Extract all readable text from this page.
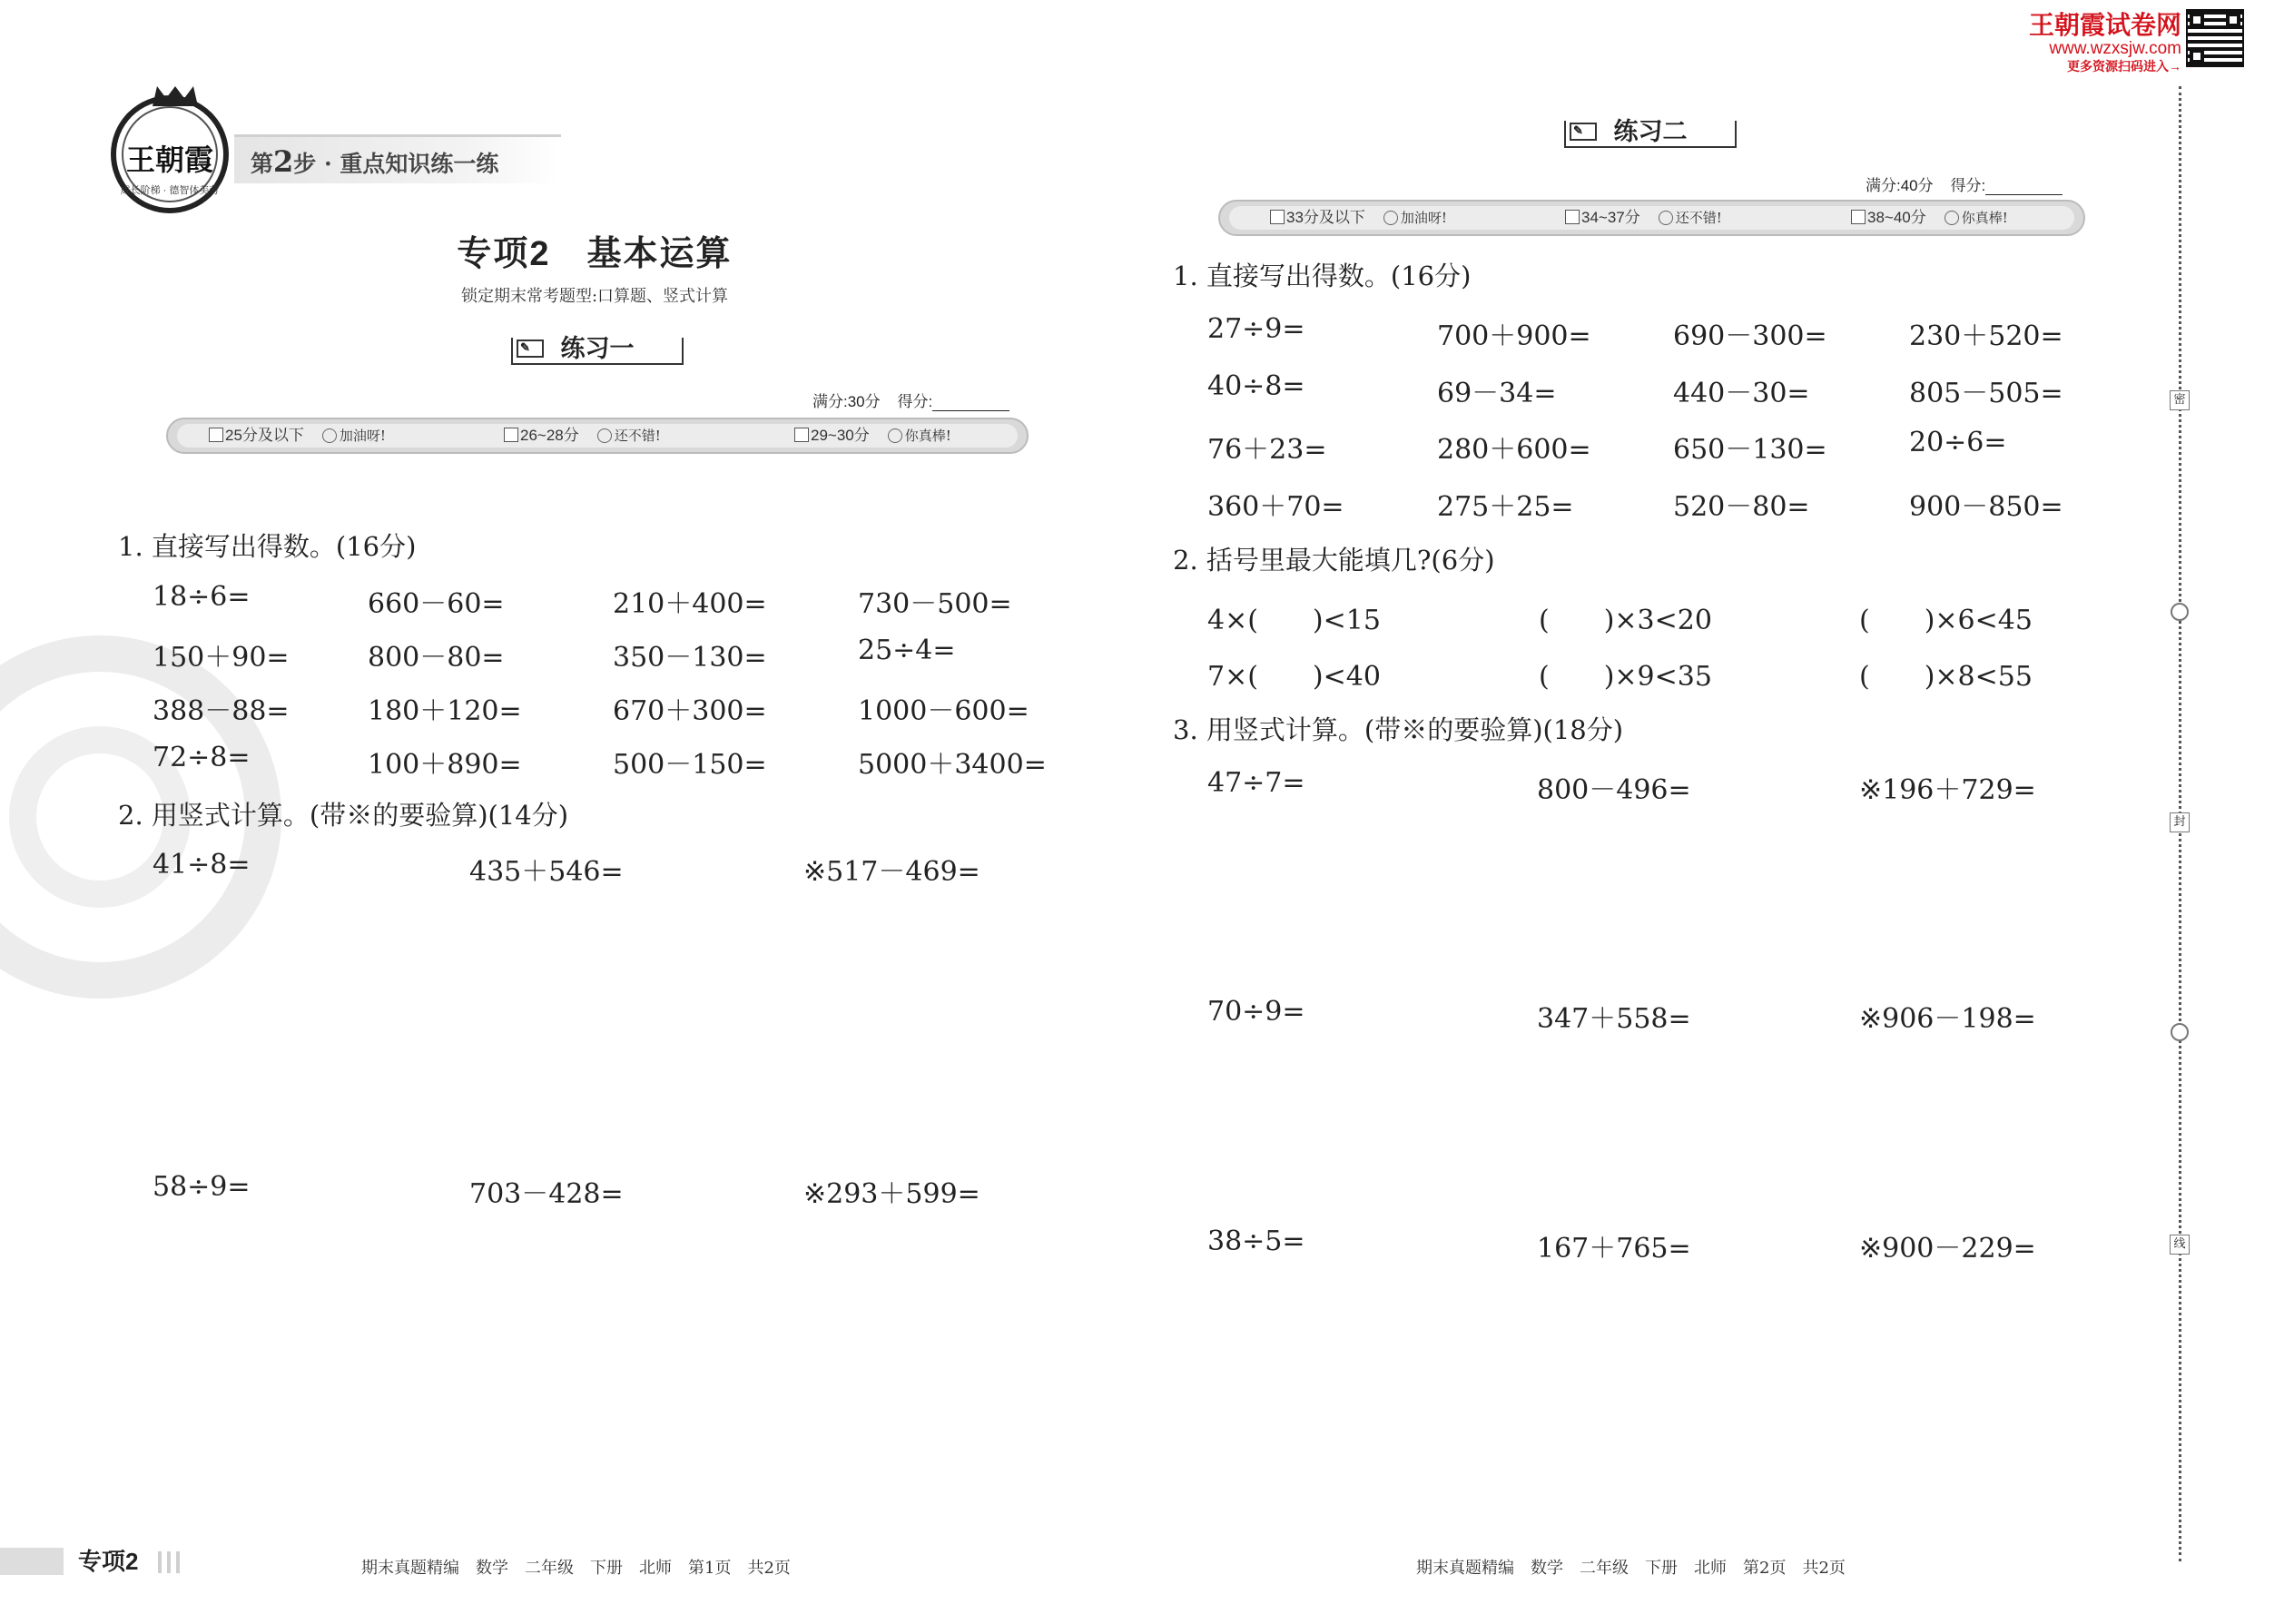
第2步 · 重点知识练一练
王朝霞
成长阶梯 · 德智体美劳
专项2　基本运算
锁定期末常考题型:口算题、竖式计算
✎	练习一
满分:30分 得分:
25分及以下	加油呀!	26~28分	还不错!	29~30分	你真棒!
1. 直接写出得数。(16分)
18÷6=	660－60=	210＋400=	730－500=
150＋90=	800－80=	350－130=	25÷4=
388－88=	180＋120=	670＋300=	1000－600=
72÷8=	100＋890=	500－150=	5000＋3400=
2. 用竖式计算。(带※的要验算)(14分)
41÷8=	435＋546=	※517－469=
58÷9=	703－428=	※293＋599=
✎	练习二
满分:40分 得分:
33分及以下	加油呀!	34~37分	还不错!	38~40分	你真棒!
1. 直接写出得数。(16分)
27÷9=	700＋900=	690－300=	230＋520=
40÷8=	69－34=	440－30=	805－505=
76＋23=	280＋600=	650－130=	20÷6=
360＋70=	275＋25=	520－80=	900－850=
2. 括号里最大能填几?(6分)
4×(　　)<15	(　　)×3<20	(　　)×6<45
7×(　　)<40	(　　)×9<35	(　　)×8<55
3. 用竖式计算。(带※的要验算)(18分)
47÷7=	800－496=	※196＋729=
70÷9=	347＋558=	※906－198=
38÷5=	167＋765=	※900－229=
专项2	期末真题精编　数学　二年级　下册　北师　第1页　共2页	期末真题精编　数学　二年级　下册　北师　第2页　共2页
王朝霞试卷网
www.wzxsjw.com
更多资源扫码进入→
密
封
线
